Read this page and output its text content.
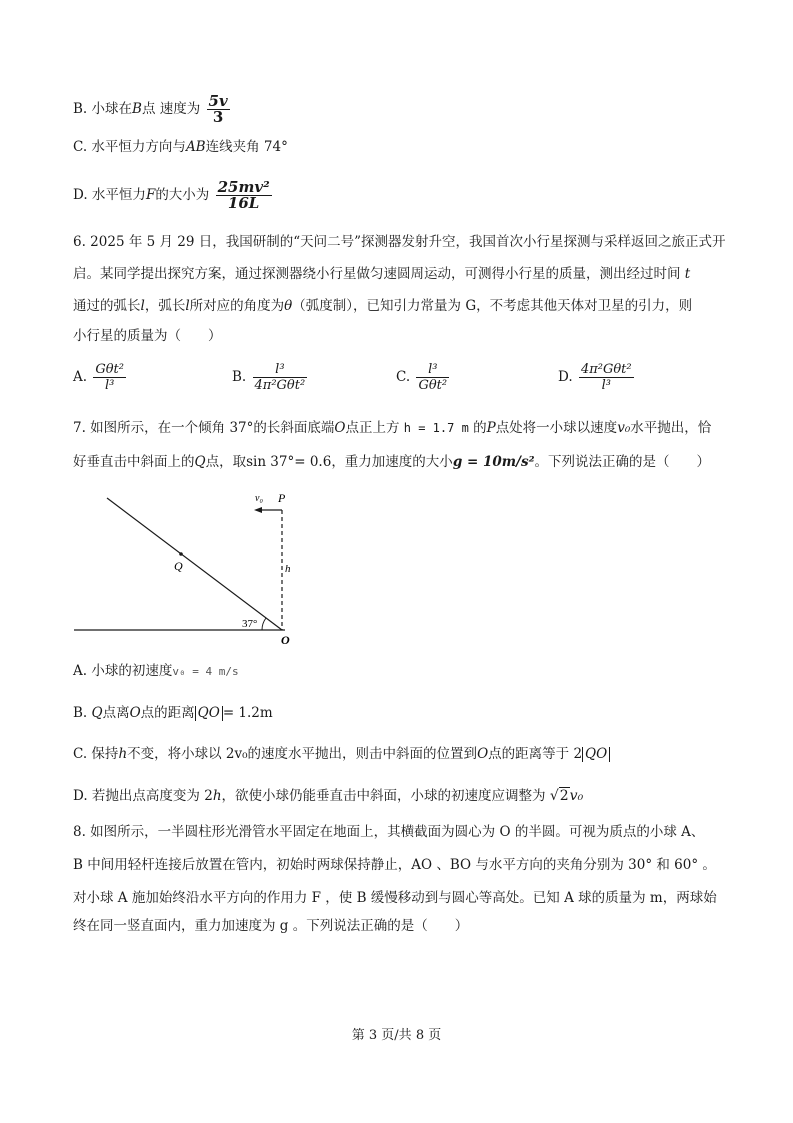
B. 小球在B点 速度为 $\frac{5v}{3}$
C. 水平恒力方向与AB连线夹角 74°
D. 水平恒力F的大小为 $\frac{\text{25mv²}}{16L}$
6. 2025 年 5 月 29 日，我国研制的“天问二号”探测器发射升空，我国首次小行星探测与采样返回之旅正式开
启。某同学提出探究方案，通过探测器绕小行星做匀速圆周运动，可测得小行星的质量，测出经过时间 t
通过的弧长l，弧长l所对应的角度为θ（弧度制），已知引力常量为 G，不考虑其他天体对卫星的引力，则
小行星的质量为（　　）
A. $\frac{\text{Gθt²}}{\text{l³}}$	B. $\frac{\text{l³}}{\text{4π²Gθt²}}$	C. $\frac{\text{l³}}{\text{Gθt²}}$	D. $\frac{\text{4π²Gθt²}}{\text{l³}}$
7. 如图所示，在一个倾角 37°的长斜面底端O点正上方 h = 1.7 m 的P点处将一小球以速度v₀水平抛出，恰
好垂直击中斜面上的Q点，取sin 37°= 0.6，重力加速度的大小g = 10m/s²。下列说法正确的是（　　）
v₀ P
Q	h
37°
O
A. 小球的初速度v₀ = 4 m/s
B. Q点离O点的距离 QO = 1.2m
C. 保持h不变，将小球以 2v₀的速度水平抛出，则击中斜面的位置到O点的距离等于 2 QO
D. 若抛出点高度变为 2h，欲使小球仍能垂直击中斜面，小球的初速度应调整为 √2v₀
8. 如图所示，一半圆柱形光滑管水平固定在地面上，其横截面为圆心为 O 的半圆。可视为质点的小球 A、
B 中间用轻杆连接后放置在管内，初始时两球保持静止，AO 、BO 与水平方向的夹角分别为 30° 和 60° 。
对小球 A 施加始终沿水平方向的作用力 F ，使 B 缓慢移动到与圆心等高处。已知 A 球的质量为 m，两球始
终在同一竖直面内，重力加速度为 g 。下列说法正确的是（　　）
第 3 页/共 8 页
